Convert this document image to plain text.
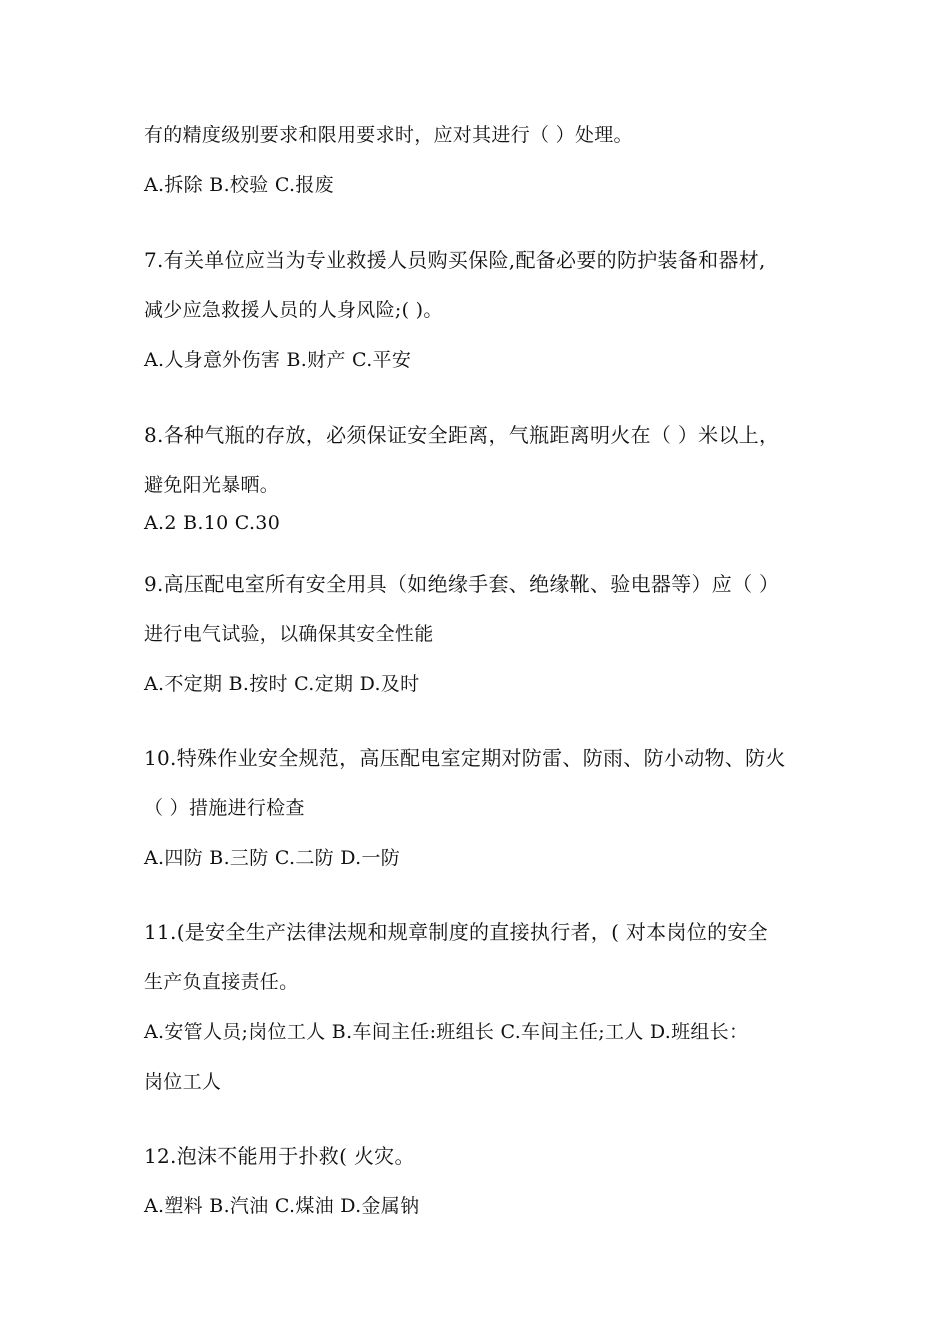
有的精度级别要求和限用要求时，应对其进行（ ）处理。
A.拆除 B.校验 C.报废
7.有关单位应当为专业救援人员购买保险,配备必要的防护装备和器材,
减少应急救援人员的人身风险;( )。
A.人身意外伤害 B.财产 C.平安
8.各种气瓶的存放，必须保证安全距离，气瓶距离明火在（ ）米以上，
避免阳光暴晒。
A.2 B.10 C.30
9.高压配电室所有安全用具（如绝缘手套、绝缘靴、验电器等）应（ ）
进行电气试验，以确保其安全性能
A.不定期 B.按时 C.定期 D.及时
10.特殊作业安全规范，高压配电室定期对防雷、防雨、防小动物、防火
（ ）措施进行检查
A.四防 B.三防 C.二防 D.一防
11.(是安全生产法律法规和规章制度的直接执行者，( 对本岗位的安全
生产负直接责任。
A.安管人员;岗位工人 B.车间主任:班组长 C.车间主任;工人 D.班组长：
岗位工人
12.泡沫不能用于扑救( 火灾。
A.塑料 B.汽油 C.煤油 D.金属钠
